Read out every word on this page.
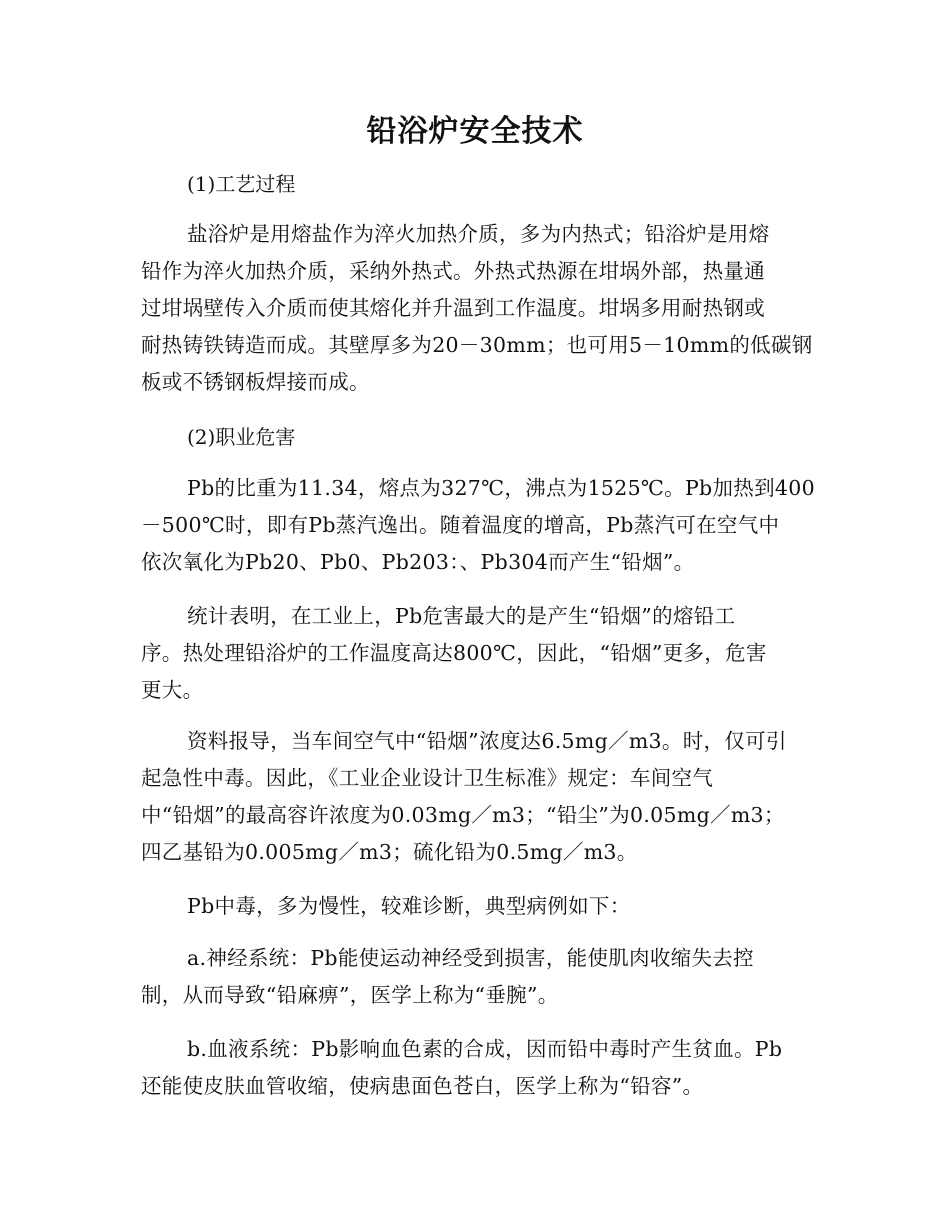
铅浴炉安全技术
(1)工艺过程
盐浴炉是用熔盐作为淬火加热介质，多为内热式；铅浴炉是用熔
铅作为淬火加热介质，采纳外热式。外热式热源在坩埚外部，热量通
过坩埚壁传入介质而使其熔化并升温到工作温度。坩埚多用耐热钢或
耐热铸铁铸造而成。其壁厚多为20－30mm；也可用5－10mm的低碳钢
板或不锈钢板焊接而成。
(2)职业危害
Pb的比重为11.34，熔点为327℃，沸点为1525℃。Pb加热到400
－500℃时，即有Pb蒸汽逸出。随着温度的增高，Pb蒸汽可在空气中
依次氧化为Pb20、Pb0、Pb203：、Pb304而产生“铅烟”。
统计表明，在工业上，Pb危害最大的是产生“铅烟”的熔铅工
序。热处理铅浴炉的工作温度高达800℃，因此，“铅烟”更多，危害
更大。
资料报导，当车间空气中“铅烟”浓度达6.5mg／m3。时，仅可引
起急性中毒。因此，《工业企业设计卫生标准》规定：车间空气
中“铅烟”的最高容许浓度为0.03mg／m3；“铅尘”为0.05mg／m3；
四乙基铅为0.005mg／m3；硫化铅为0.5mg／m3。
Pb中毒，多为慢性，较难诊断，典型病例如下：
a.神经系统：Pb能使运动神经受到损害，能使肌肉收缩失去控
制，从而导致“铅麻痹”，医学上称为“垂腕”。
b.血液系统：Pb影响血色素的合成，因而铅中毒时产生贫血。Pb
还能使皮肤血管收缩，使病患面色苍白，医学上称为“铅容”。
